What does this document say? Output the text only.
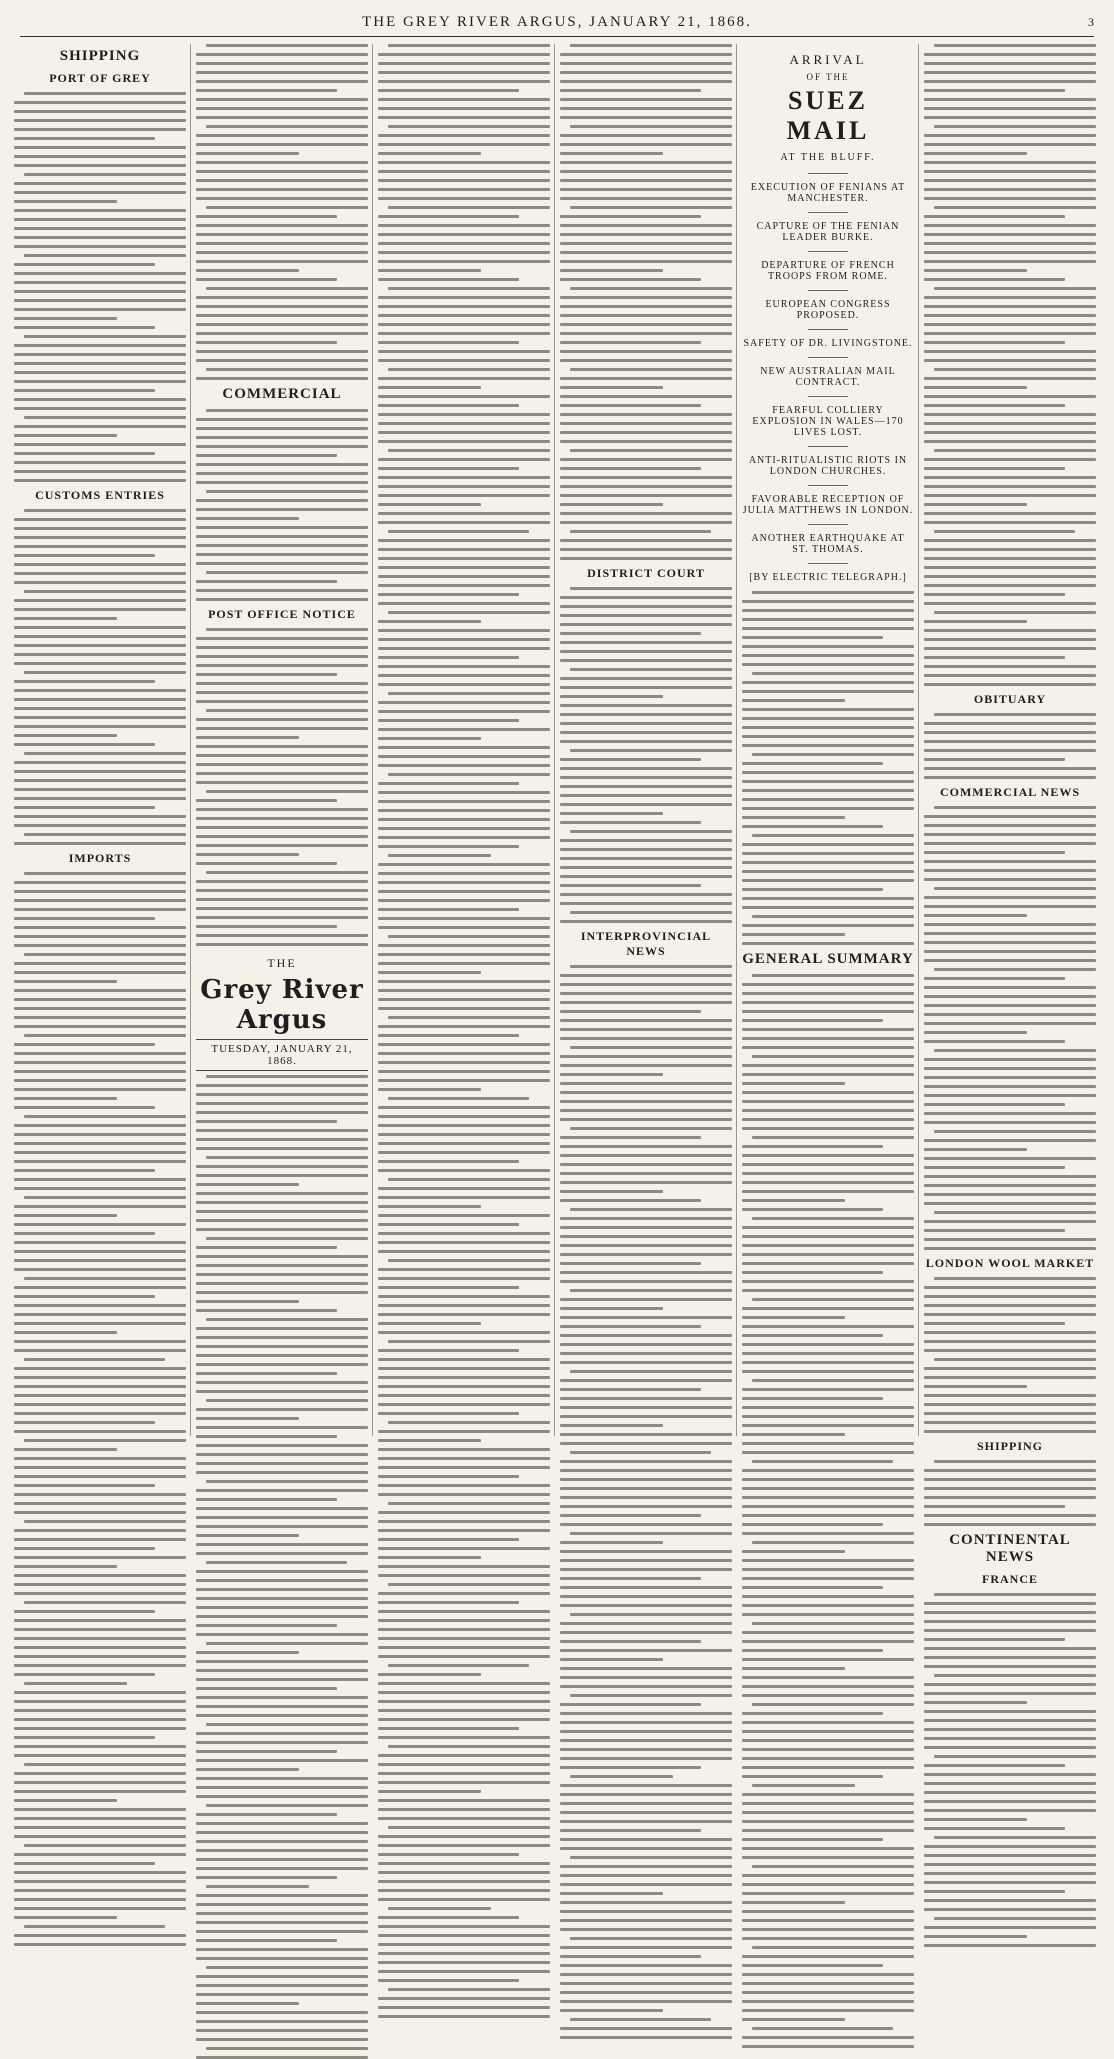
THE GREY RIVER ARGUS, JANUARY 21, 1868.	3
SHIPPING
PORT OF GREY
CUSTOMS ENTRIES
IMPORTS
COMMERCIAL
POST OFFICE NOTICE
THE
Grey River Argus
TUESDAY, JANUARY 21, 1868.
DISTRICT COURT
INTERPROVINCIAL NEWS
ARRIVAL
OF THE
SUEZ MAIL
AT THE BLUFF.
EXECUTION OF FENIANS AT MANCHESTER.
CAPTURE OF THE FENIAN LEADER BURKE.
DEPARTURE OF FRENCH TROOPS FROM ROME.
EUROPEAN CONGRESS PROPOSED.
SAFETY OF DR. LIVINGSTONE.
NEW AUSTRALIAN MAIL CONTRACT.
FEARFUL COLLIERY EXPLOSION IN WALES—170 LIVES LOST.
ANTI-RITUALISTIC RIOTS IN LONDON CHURCHES.
FAVORABLE RECEPTION OF JULIA MATTHEWS IN LONDON.
ANOTHER EARTHQUAKE AT ST. THOMAS.
[BY ELECTRIC TELEGRAPH.]
GENERAL SUMMARY
OBITUARY
COMMERCIAL NEWS
LONDON WOOL MARKET
SHIPPING
CONTINENTAL NEWS
FRANCE
